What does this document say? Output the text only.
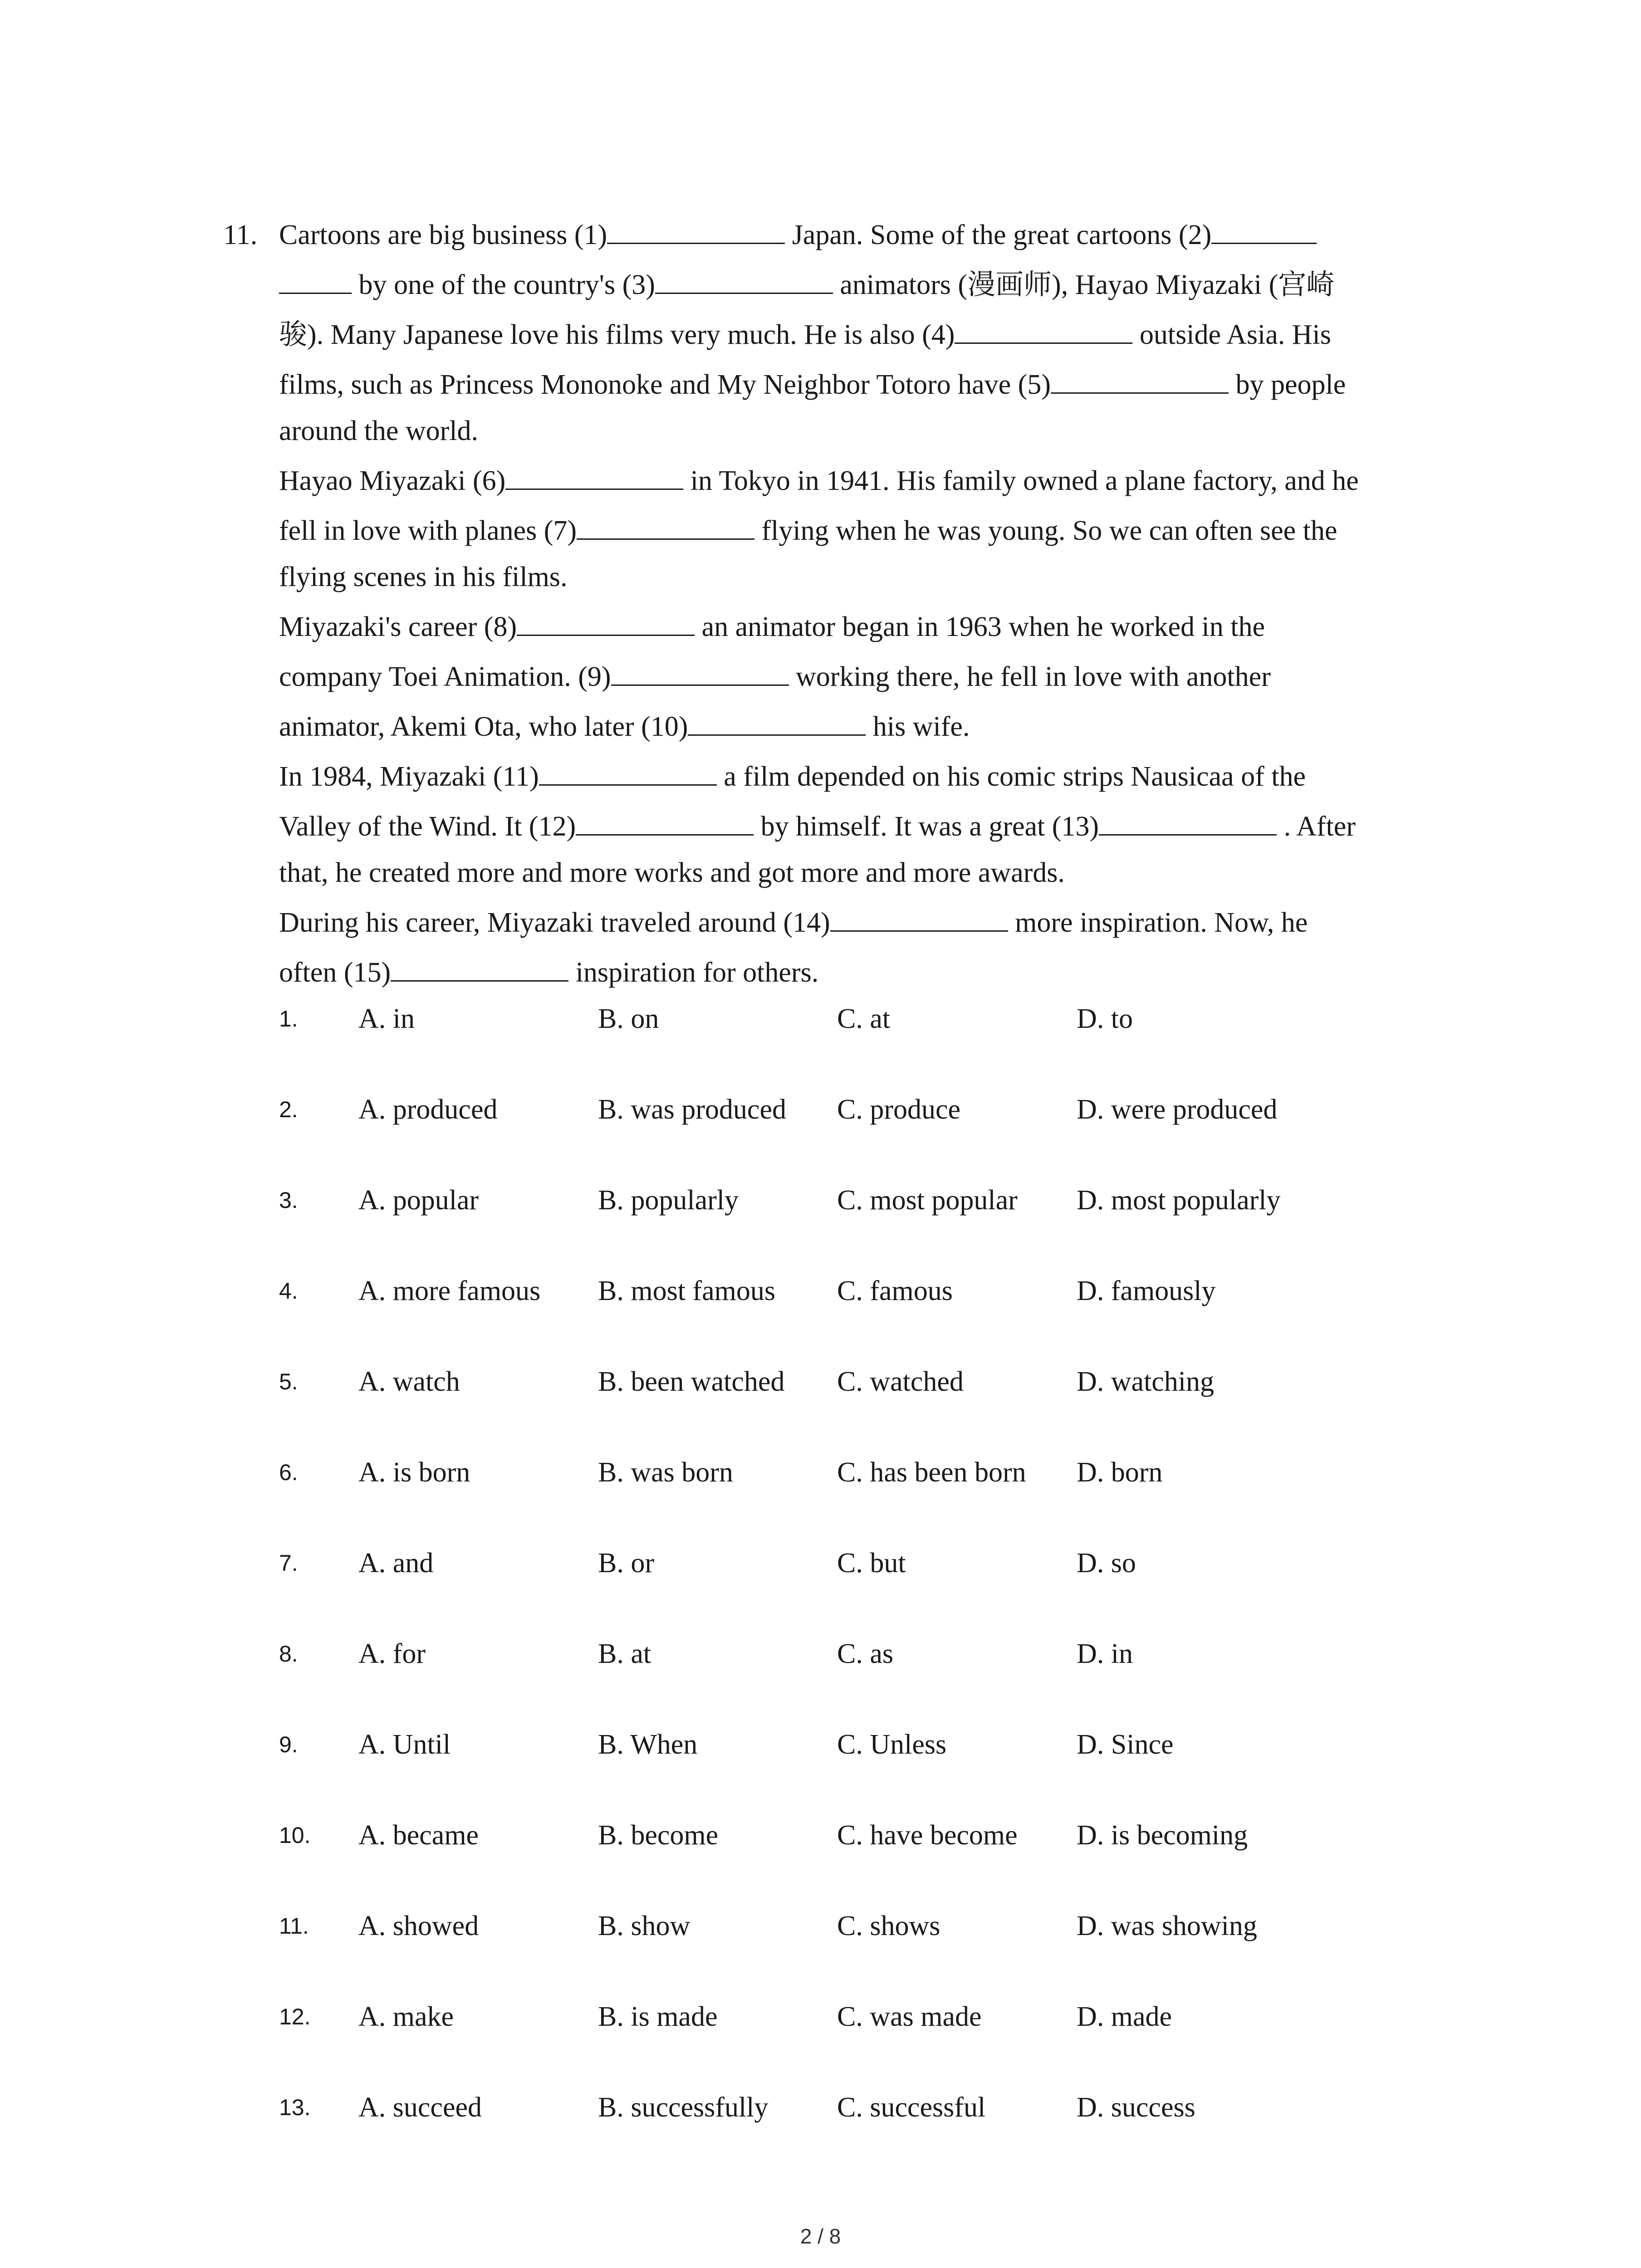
11. Cartoons are big business (1)	Japan. Some of the great cartoons (2)
by one of the country's (3)	animators (漫画师), Hayao Miyazaki (宫崎
骏). Many Japanese love his films very much. He is also (4)	outside Asia. His
films, such as Princess Mononoke and My Neighbor Totoro have (5)	by people
around the world.
Hayao Miyazaki (6)	in Tokyo in 1941. His family owned a plane factory, and he
fell in love with planes (7)	flying when he was young. So we can often see the
flying scenes in his films.
Miyazaki's career (8)	an animator began in 1963 when he worked in the
company Toei Animation. (9)	working there, he fell in love with another
animator, Akemi Ota, who later (10)	his wife.
In 1984, Miyazaki (11)	a film depended on his comic strips Nausicaa of the
Valley of the Wind. It (12)	by himself. It was a great (13)	. After
that, he created more and more works and got more and more awards.
During his career, Miyazaki traveled around (14)	more inspiration. Now, he
often (15)	inspiration for others.
1. A. in	B. on	C. at	D. to
2. A. produced	B. was produced C. produce	D. were produced
3. A. popular	B. popularly	C. most popular D. most popularly
4. A. more famous B. most famous C. famous	D. famously
5. A. watch	B. been watched C. watched	D. watching
6. A. is born	B. was born	C. has been born D. born
7. A. and	B. or	C. but	D. so
8. A. for	B. at	C. as	D. in
9. A. Until	B. When	C. Unless	D. Since
10. A. became	B. become	C. have become D. is becoming
11. A. showed	B. show	C. shows	D. was showing
12. A. make	B. is made	C. was made	D. made
13. A. succeed	B. successfully C. successful	D. success
2 / 8
